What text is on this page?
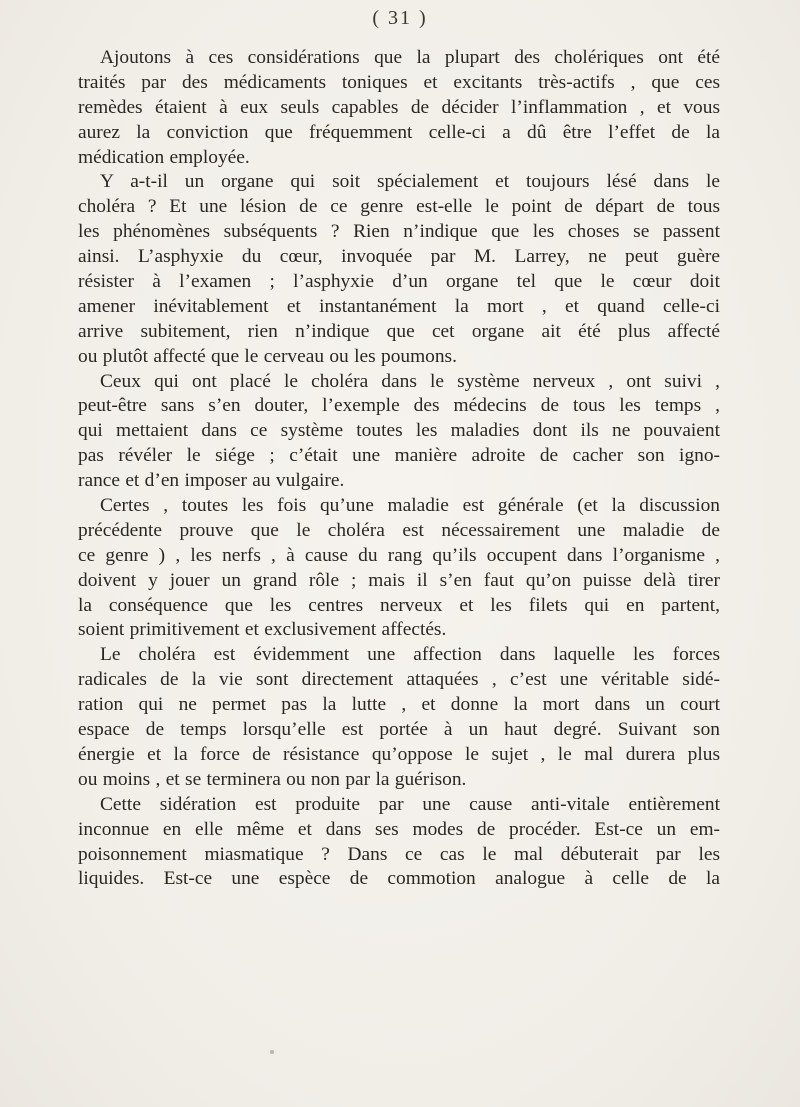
( 31 )
Ajoutons à ces considérations que la plupart des cholériques ont été
traités par des médicaments toniques et excitants très-actifs , que ces
remèdes étaient à eux seuls capables de décider l’inflammation , et vous
aurez la conviction que fréquemment celle-ci a dû être l’effet de la
médication employée.
Y a-t-il un organe qui soit spécialement et toujours lésé dans le
choléra ? Et une lésion de ce genre est-elle le point de départ de tous
les phénomènes subséquents ? Rien n’indique que les choses se passent
ainsi. L’asphyxie du cœur, invoquée par M. Larrey, ne peut guère
résister à l’examen ; l’asphyxie d’un organe tel que le cœur doit
amener inévitablement et instantanément la mort , et quand celle-ci
arrive subitement, rien n’indique que cet organe ait été plus affecté
ou plutôt affecté que le cerveau ou les poumons.
Ceux qui ont placé le choléra dans le système nerveux , ont suivi ,
peut-être sans s’en douter, l’exemple des médecins de tous les temps ,
qui mettaient dans ce système toutes les maladies dont ils ne pouvaient
pas révéler le siége ; c’était une manière adroite de cacher son igno-
rance et d’en imposer au vulgaire.
Certes , toutes les fois qu’une maladie est générale (et la discussion
précédente prouve que le choléra est nécessairement une maladie de
ce genre ) , les nerfs , à cause du rang qu’ils occupent dans l’organisme ,
doivent y jouer un grand rôle ; mais il s’en faut qu’on puisse delà tirer
la conséquence que les centres nerveux et les filets qui en partent,
soient primitivement et exclusivement affectés.
Le choléra est évidemment une affection dans laquelle les forces
radicales de la vie sont directement attaquées , c’est une véritable sidé-
ration qui ne permet pas la lutte , et donne la mort dans un court
espace de temps lorsqu’elle est portée à un haut degré. Suivant son
énergie et la force de résistance qu’oppose le sujet , le mal durera plus
ou moins , et se terminera ou non par la guérison.
Cette sidération est produite par une cause anti-vitale entièrement
inconnue en elle même et dans ses modes de procéder. Est-ce un em-
poisonnement miasmatique ? Dans ce cas le mal débuterait par les
liquides. Est-ce une espèce de commotion analogue à celle de la
